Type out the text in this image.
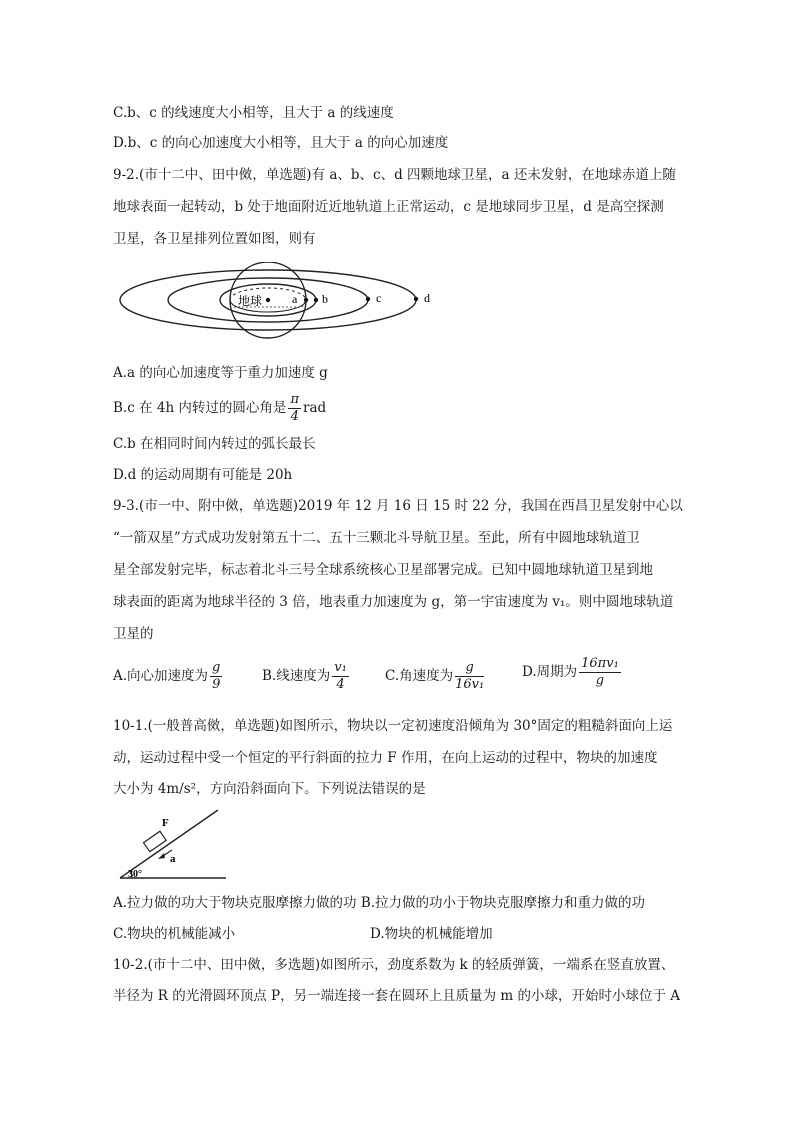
C.b、c 的线速度大小相等，且大于 a 的线速度
D.b、c 的向心加速度大小相等，且大于 a 的向心加速度
9-2.(市十二中、田中傚，单选题)有 a、b、c、d 四颗地球卫星，a 还未发射，在地球赤道上随
地球表面一起转动，b 处于地面附近近地轨道上正常运动，c 是地球同步卫星，d 是高空探测
卫星，各卫星排列位置如图，则有
地球 a b	c	d
A.a 的向心加速度等于重力加速度 g
B.c 在 4h 内转过的圆心角是 $\frac{\pi}{4}$ rad
C.b 在相同时间内转过的弧长最长
D.d 的运动周期有可能是 20h
9-3.(市一中、附中傚，单选题)2019 年 12 月 16 日 15 时 22 分，我国在西昌卫星发射中心以
“一箭双星”方式成功发射第五十二、五十三颗北斗导航卫星。至此，所有中圆地球轨道卫
星全部发射完毕，标志着北斗三号全球系统核心卫星部署完成。已知中圆地球轨道卫星到地
球表面的距离为地球半径的 3 倍，地表重力加速度为 g，第一宇宙速度为 v₁。则中圆地球轨道
卫星的
A.向心加速度为 $\frac{g}{9}$	B.线速度为 $\frac{\text{v₁}}{4}$	C.角速度为 $\frac{g}{\text{16v₁}}$	D.周期为 $\frac{\text{16πv₁}}{g}$
10-1.(一般普高傚，单选题)如图所示，物块以一定初速度沿倾角为 30°固定的粗糙斜面向上运
动，运动过程中受一个恒定的平行斜面的拉力 F 作用，在向上运动的过程中，物块的加速度
大小为 4m/s²，方向沿斜面向下。下列说法错误的是
F
a
30°
A.拉力做的功大于物块克服摩擦力做的功 B.拉力做的功小于物块克服摩擦力和重力做的功
C.物块的机械能减小	D.物块的机械能增加
10-2.(市十二中、田中傚，多选题)如图所示，劲度系数为 k 的轻质弹簧，一端系在竖直放置、
半径为 R 的光滑圆环顶点 P，另一端连接一套在圆环上且质量为 m 的小球，开始时小球位于 A
